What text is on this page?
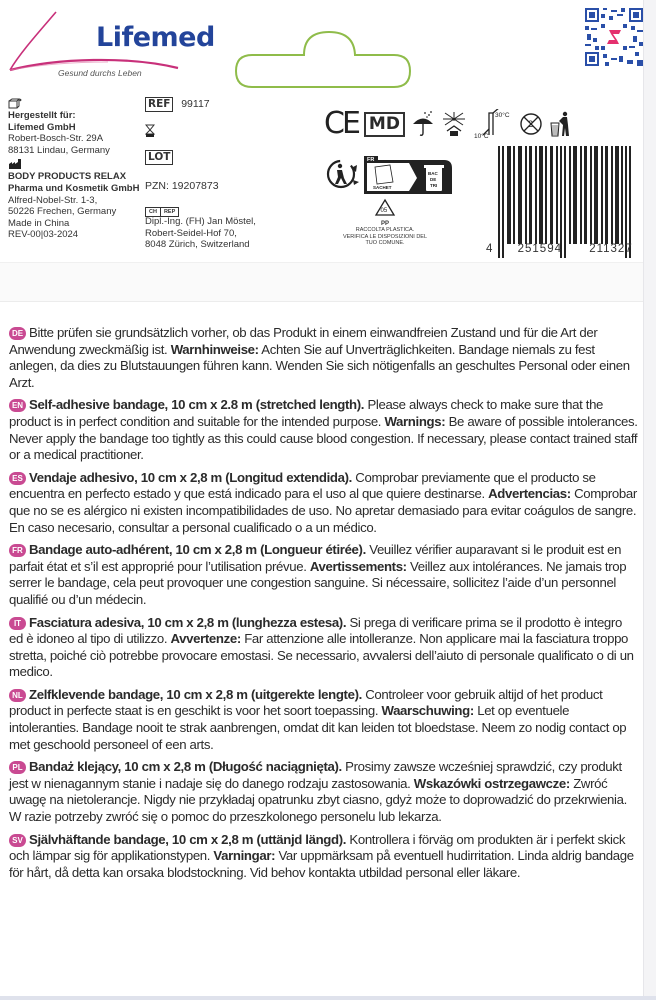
Lifemed
Gesund durchs Leben
Hergestellt für:
Lifemed GmbH
Robert-Bosch-Str. 29A
88131 Lindau, Germany
BODY PRODUCTS RELAX
Pharma und Kosmetik GmbH
Alfred-Nobel-Str. 1-3,
50226 Frechen, Germany
Made in China
REV-00|03-2024
REF 99117
LOT
PZN: 19207873
CH	REP
Dipl.-Ing. (FH) Jan Möstel,
Robert-Seidel-Hof 70,
8048 Zürich, Switzerland
CE MD	30°C
10°C
2
FR
SACHET
BAC
DE
TRI
05
PP
RACCOLTA PLASTICA.
VERIFICA LE DISPOSIZIONI DEL
TUO COMUNE.	4 251594 211327

DE Bitte prüfen sie grundsätzlich vorher, ob das Produkt in einem einwandfreien Zustand und für die Art der Anwendung zweckmäßig ist. Warnhinweise: Achten Sie auf Unverträglichkeiten. Bandage niemals zu fest anlegen, da dies zu Blutstauungen führen kann. Wenden Sie sich nötigenfalls an geschultes Personal oder einen Arzt.

EN Self-adhesive bandage, 10 cm x 2.8 m (stretched length). Please always check to make sure that the product is in perfect condition and suitable for the intended purpose. Warnings: Be aware of possible intolerances. Never apply the bandage too tightly as this could cause blood congestion. If necessary, please contact trained staff or a medical practitioner.

ES Vendaje adhesivo, 10 cm x 2,8 m (Longitud extendida). Comprobar previamente que el producto se encuentra en perfecto estado y que está indicado para el uso al que quiere destinarse. Advertencias: Comprobar que no se es alérgico ni existen incompatibilidades de uso. No apretar demasiado para evitar coágulos de sangre. En caso necesario, consultar a personal cualificado o a un médico.

FR Bandage auto-adhérent, 10 cm x 2,8 m (Longueur étirée). Veuillez vérifier auparavant si le produit est en parfait état et s’il est approprié pour l’utilisation prévue. Avertissements: Veillez aux intolérances. Ne jamais trop serrer le bandage, cela peut provoquer une congestion sanguine. Si nécessaire, sollicitez l’aide d’un personnel qualifié ou d’un médecin.

IT Fasciatura adesiva, 10 cm x 2,8 m (lunghezza estesa). Si prega di verificare prima se il prodotto è integro ed è idoneo al tipo di utilizzo. Avvertenze: Far attenzione alle intolleranze. Non applicare mai la fasciatura troppo stretta, poiché ciò potrebbe provocare emostasi. Se necessario, avvalersi dell’aiuto di personale qualificato o di un medico.

NL Zelfklevende bandage, 10 cm x 2,8 m (uitgerekte lengte). Controleer voor gebruik altijd of het product product in perfecte staat is en geschikt is voor het soort toepassing. Waarschuwing: Let op eventuele intoleranties. Bandage nooit te strak aanbrengen, omdat dit kan leiden tot bloedstase. Neem zo nodig contact op met geschoold personeel of een arts.

PL Bandaż klejący, 10 cm x 2,8 m (Długość naciągnięta). Prosimy zawsze wcześniej sprawdzić, czy produkt jest w nienagannym stanie i nadaje się do danego rodzaju zastosowania. Wskazówki ostrzegawcze: Zwróć uwagę na nietolerancje. Nigdy nie przykładaj opatrunku zbyt ciasno, gdyż może to doprowadzić do przekrwienia. W razie potrzeby zwróć się o pomoc do przeszkolonego personelu lub lekarza.

SV Självhäftande bandage, 10 cm x 2,8 m (uttänjd längd). Kontrollera i förväg om produkten är i perfekt skick och lämpar sig för applikationstypen. Varningar: Var uppmärksam på eventuell hudirritation. Linda aldrig bandage för hårt, då detta kan orsaka blodstockning. Vid behov kontakta utbildad personal eller läkare.
